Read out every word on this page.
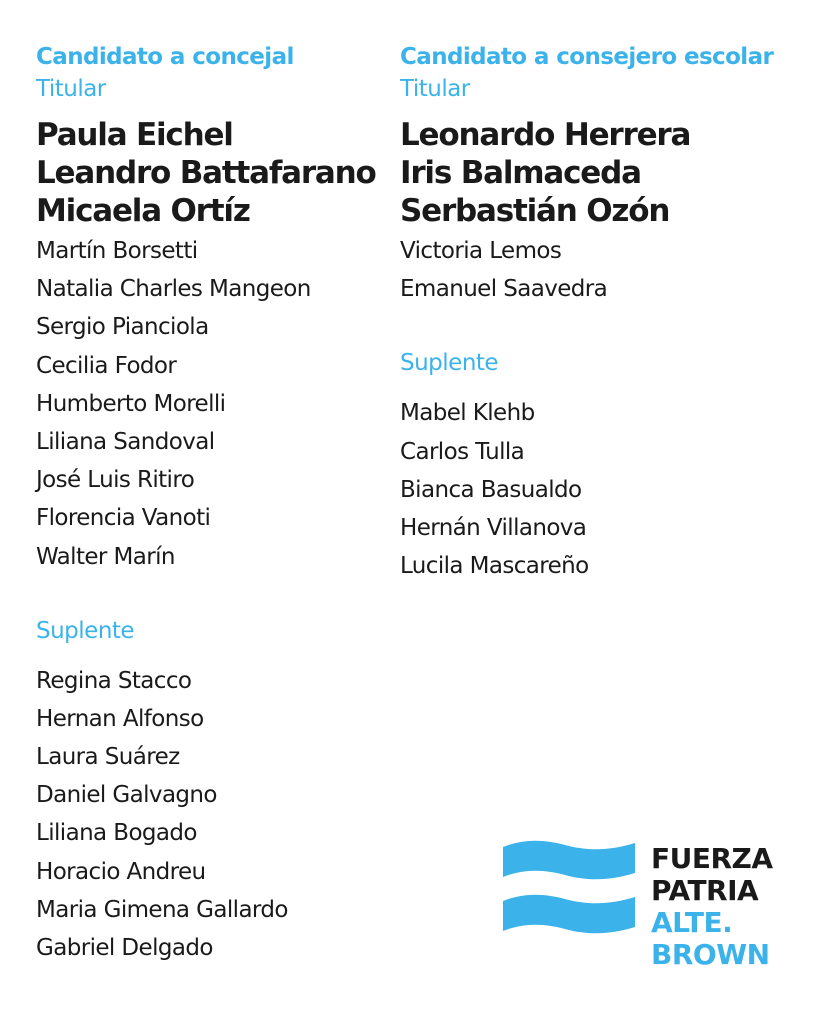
Candidato a concejal
Titular
Paula Eichel
Leandro Battafarano
Micaela Ortíz
Martín Borsetti
Natalia Charles Mangeon
Sergio Pianciola
Cecilia Fodor
Humberto Morelli
Liliana Sandoval
José Luis Ritiro
Florencia Vanoti
Walter Marín
Suplente
Regina Stacco
Hernan Alfonso
Laura Suárez
Daniel Galvagno
Liliana Bogado
Horacio Andreu
Maria Gimena Gallardo
Gabriel Delgado
Candidato a consejero escolar
Titular
Leonardo Herrera
Iris Balmaceda
Serbastián Ozón
Victoria Lemos
Emanuel Saavedra
Suplente
Mabel Klehb
Carlos Tulla
Bianca Basualdo
Hernán Villanova
Lucila Mascareño
FUERZA
PATRIA
ALTE.
BROWN
